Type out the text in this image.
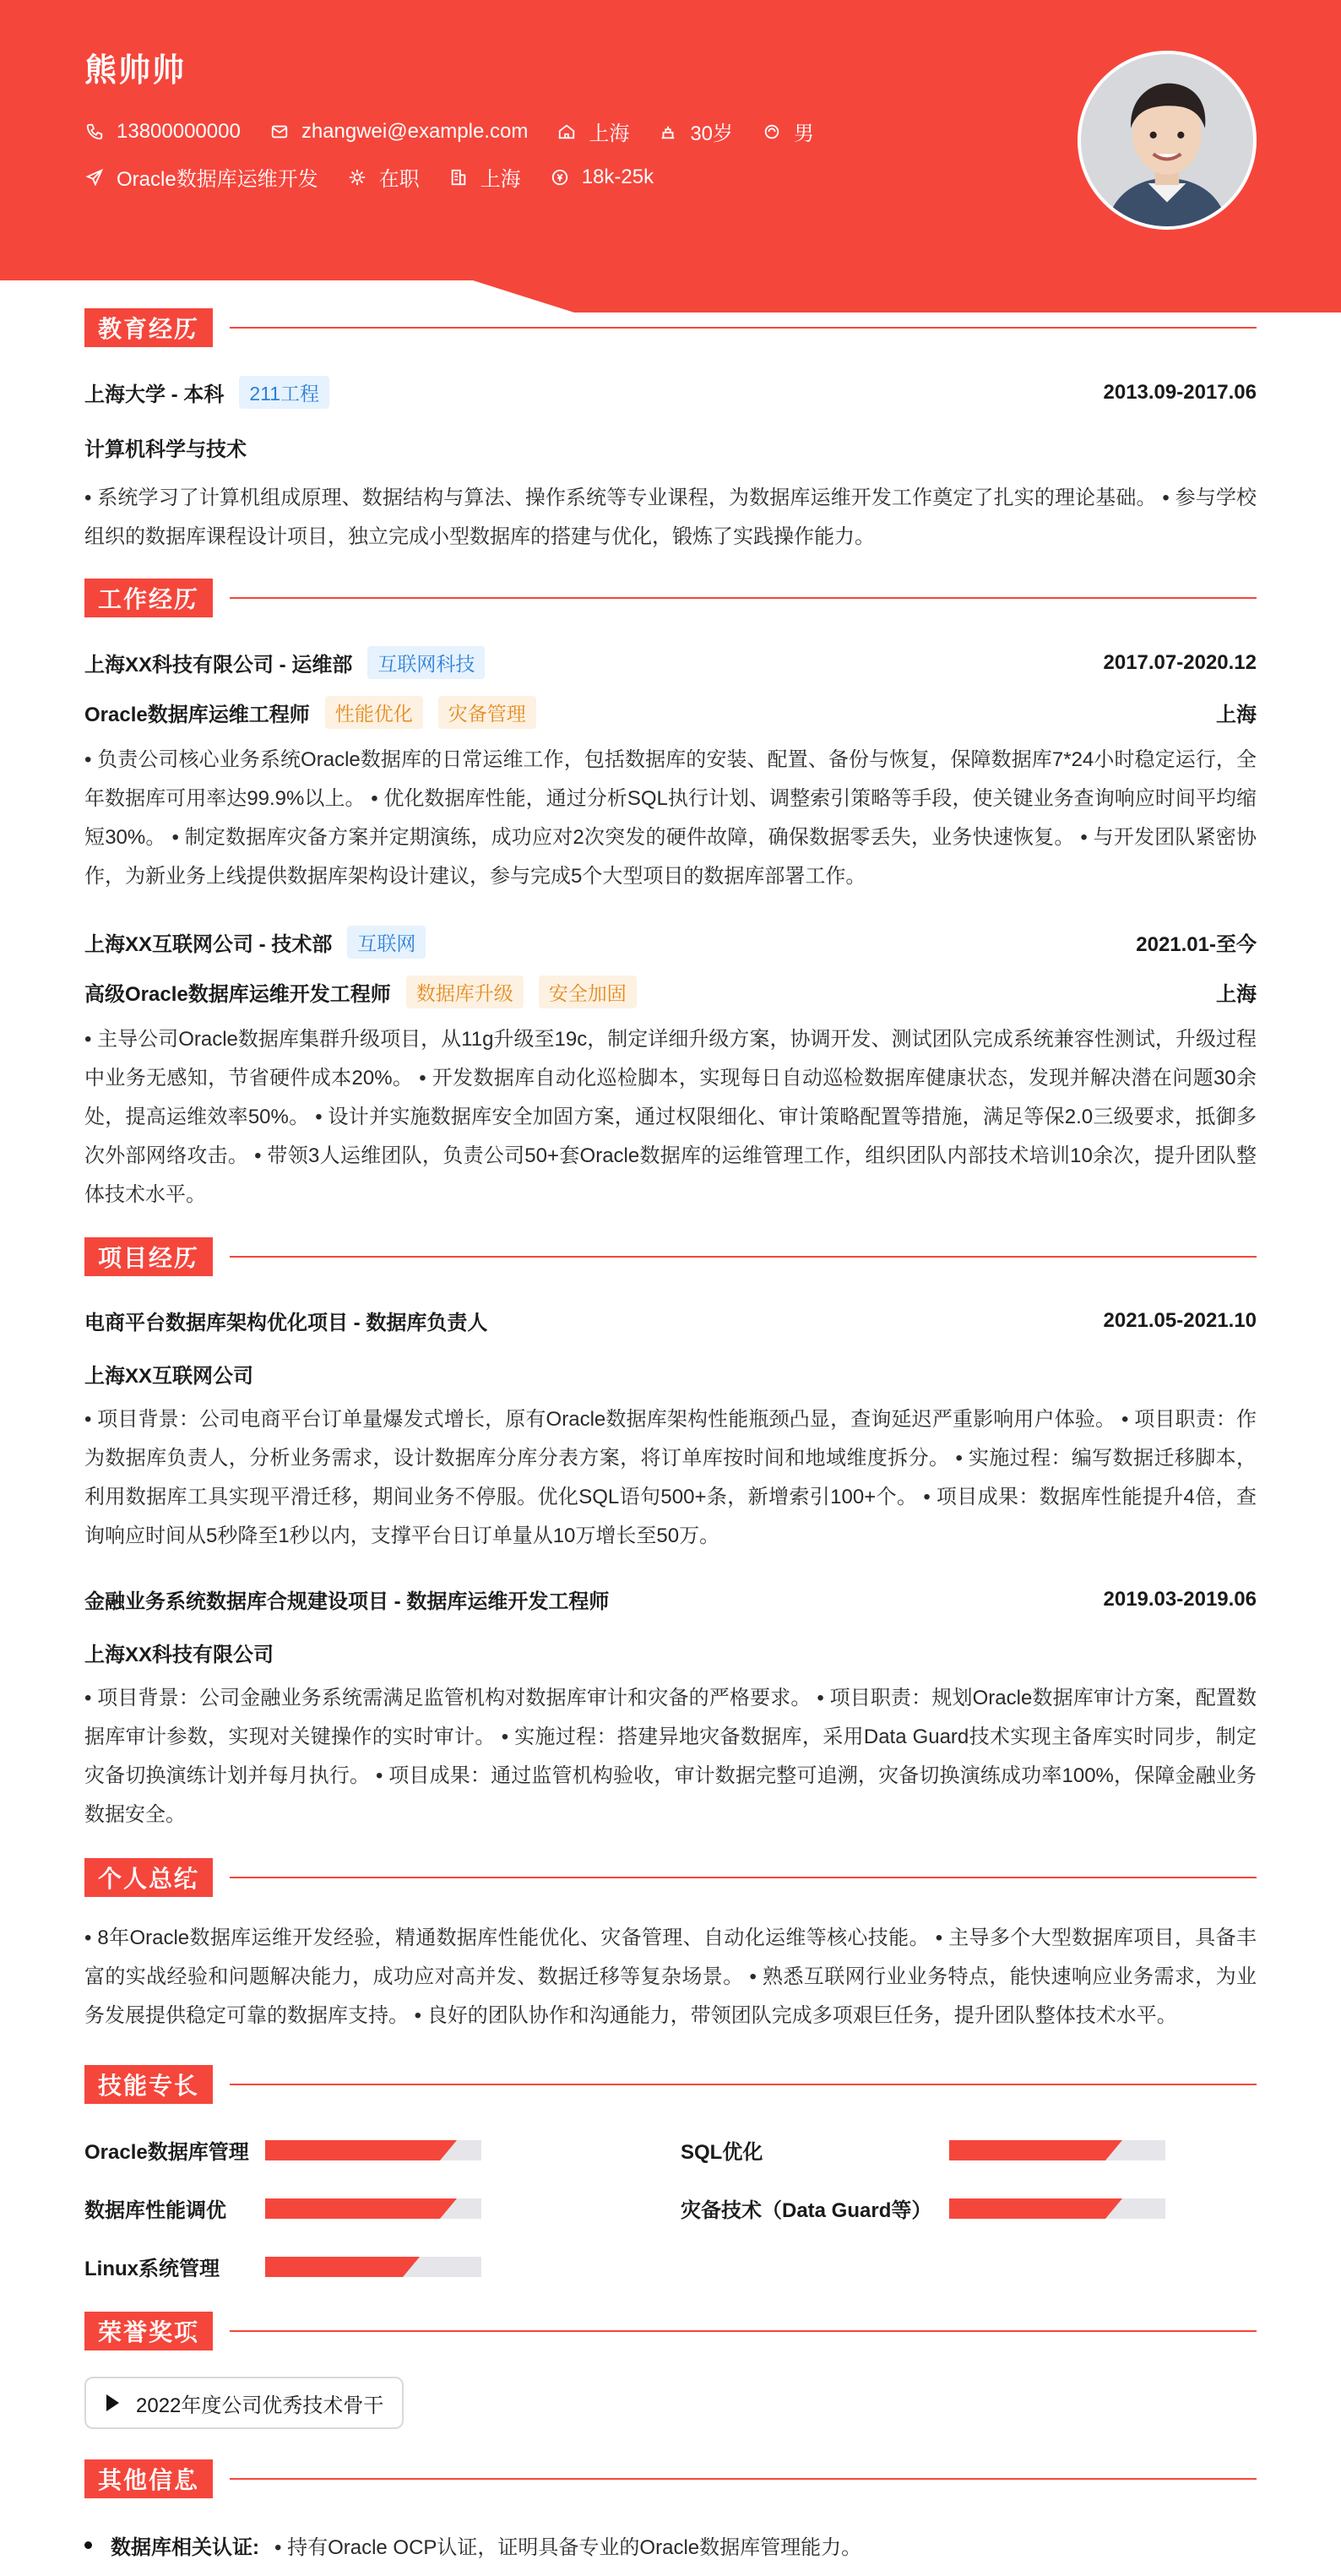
熊帅帅
13800000000	zhangwei@example.com	上海	30岁	男
Oracle数据库运维开发	在职	上海	18k-25k
教育经历
上海大学 - 本科	211工程	2013.09-2017.06
计算机科学与技术
• 系统学习了计算机组成原理、数据结构与算法、操作系统等专业课程，为数据库运维开发工作奠定了扎实的理论基础。 • 参与学校组织的数据库课程设计项目，独立完成小型数据库的搭建与优化，锻炼了实践操作能力。
工作经历
上海XX科技有限公司 - 运维部	互联网科技	2017.07-2020.12
Oracle数据库运维工程师	性能优化	灾备管理	上海
• 负责公司核心业务系统Oracle数据库的日常运维工作，包括数据库的安装、配置、备份与恢复，保障数据库7*24小时稳定运行，全年数据库可用率达99.9%以上。 • 优化数据库性能，通过分析SQL执行计划、调整索引策略等手段，使关键业务查询响应时间平均缩短30%。 • 制定数据库灾备方案并定期演练，成功应对2次突发的硬件故障，确保数据零丢失，业务快速恢复。 • 与开发团队紧密协作，为新业务上线提供数据库架构设计建议，参与完成5个大型项目的数据库部署工作。
上海XX互联网公司 - 技术部	互联网	2021.01-至今
高级Oracle数据库运维开发工程师	数据库升级	安全加固	上海
• 主导公司Oracle数据库集群升级项目，从11g升级至19c，制定详细升级方案，协调开发、测试团队完成系统兼容性测试，升级过程中业务无感知，节省硬件成本20%。 • 开发数据库自动化巡检脚本，实现每日自动巡检数据库健康状态，发现并解决潜在问题30余处，提高运维效率50%。 • 设计并实施数据库安全加固方案，通过权限细化、审计策略配置等措施，满足等保2.0三级要求，抵御多次外部网络攻击。 • 带领3人运维团队，负责公司50+套Oracle数据库的运维管理工作，组织团队内部技术培训10余次，提升团队整体技术水平。
项目经历
电商平台数据库架构优化项目 - 数据库负责人	2021.05-2021.10
上海XX互联网公司
• 项目背景：公司电商平台订单量爆发式增长，原有Oracle数据库架构性能瓶颈凸显，查询延迟严重影响用户体验。 • 项目职责：作为数据库负责人，分析业务需求，设计数据库分库分表方案，将订单库按时间和地域维度拆分。 • 实施过程：编写数据迁移脚本，利用数据库工具实现平滑迁移，期间业务不停服。优化SQL语句500+条，新增索引100+个。 • 项目成果：数据库性能提升4倍，查询响应时间从5秒降至1秒以内，支撑平台日订单量从10万增长至50万。
金融业务系统数据库合规建设项目 - 数据库运维开发工程师	2019.03-2019.06
上海XX科技有限公司
• 项目背景：公司金融业务系统需满足监管机构对数据库审计和灾备的严格要求。 • 项目职责：规划Oracle数据库审计方案，配置数据库审计参数，实现对关键操作的实时审计。 • 实施过程：搭建异地灾备数据库，采用Data Guard技术实现主备库实时同步，制定灾备切换演练计划并每月执行。 • 项目成果：通过监管机构验收，审计数据完整可追溯，灾备切换演练成功率100%，保障金融业务数据安全。
个人总结
• 8年Oracle数据库运维开发经验，精通数据库性能优化、灾备管理、自动化运维等核心技能。 • 主导多个大型数据库项目，具备丰富的实战经验和问题解决能力，成功应对高并发、数据迁移等复杂场景。 • 熟悉互联网行业业务特点，能快速响应业务需求，为业务发展提供稳定可靠的数据库支持。 • 良好的团队协作和沟通能力，带领团队完成多项艰巨任务，提升团队整体技术水平。
技能专长
Oracle数据库管理	SQL优化
数据库性能调优	灾备技术（Data Guard等）
Linux系统管理
荣誉奖项
2022年度公司优秀技术骨干
其他信息
数据库相关认证: • 持有Oracle OCP认证，证明具备专业的Oracle数据库管理能力。
